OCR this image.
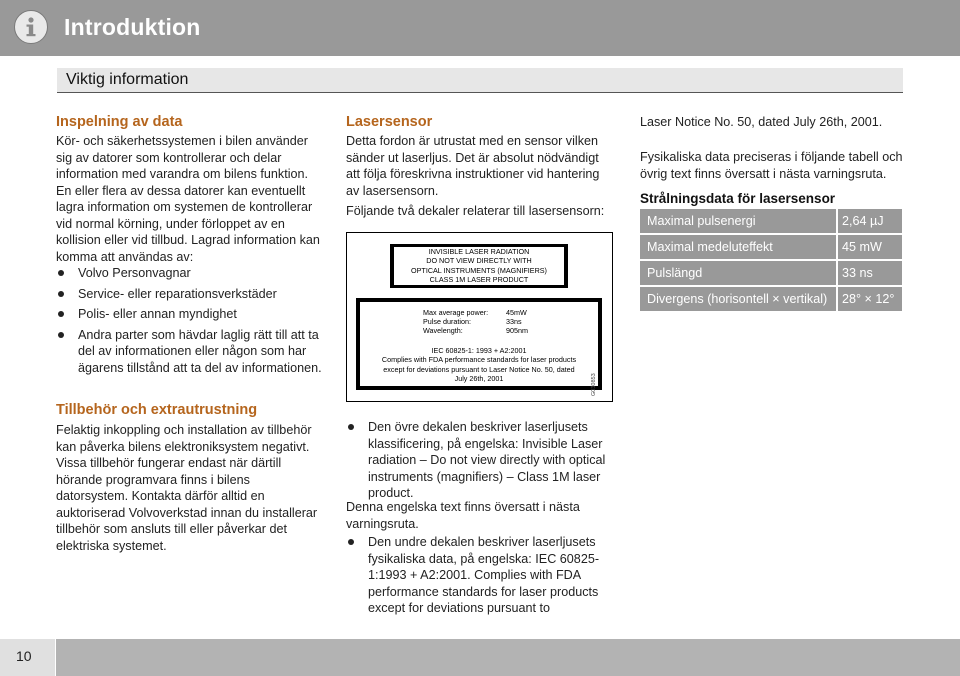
Introduktion
Viktig information
Inspelning av data

Kör- och säkerhetssystemen i bilen använder sig av datorer som kontrollerar och delar information med varandra om bilens funktion. En eller flera av dessa datorer kan eventuellt lagra information om systemen de kontrollerar vid normal körning, under förloppet av en kollision eller vid tillbud. Lagrad information kan komma att användas av:

Volvo Personvagnar
Service- eller reparationsverkstäder
Polis- eller annan myndighet
Andra parter som hävdar laglig rätt till att ta del av informationen eller någon som har ägarens tillstånd att ta del av informationen.
Tillbehör och extrautrustning

Felaktig inkoppling och installation av tillbehör kan påverka bilens elektroniksystem negativt. Vissa tillbehör fungerar endast när därtill hörande programvara finns i bilens datorsystem. Kontakta därför alltid en auktoriserad Volvoverkstad innan du installerar tillbehör som ansluts till eller påverkar det elektriska systemet.

Lasersensor

Detta fordon är utrustat med en sensor vilken sänder ut laserljus. Det är absolut nödvändigt att följa föreskrivna instruktioner vid hantering av lasersensorn.

Följande två dekaler relaterar till lasersensorn:

INVISIBLE LASER RADIATION
DO NOT VIEW DIRECTLY WITH
OPTICAL INSTRUMENTS (MAGNIFIERS)
CLASS 1M LASER PRODUCT
Max average power: 45mW
Pulse duration:	33ns
Wavelength:	905nm
IEC 60825-1: 1993 + A2:2001
Complies with FDA performance standards for laser products
except for deviations pursuant to Laser Notice No. 50, dated
July 26th, 2001	G030853
Den övre dekalen beskriver laserljusets klassificering, på engelska: Invisible Laser radiation – Do not view directly with optical instruments (magnifiers) – Class 1M laser product.

Denna engelska text finns översatt i nästa varningsruta.

Den undre dekalen beskriver laserljusets fysikaliska data, på engelska: IEC 60825-1:1993 + A2:2001. Complies with FDA performance standards for laser products except for deviations pursuant to

Laser Notice No. 50, dated July 26th, 2001.

Fysikaliska data preciseras i följande tabell och övrig text finns översatt i nästa varningsruta.

Strålningsdata för lasersensor
Maximal pulsenergi	2,64 µJ
Maximal medeluteffekt	45 mW
Pulslängd	33 ns
Divergens (horisontell × vertikal) 28° × 12°
10
